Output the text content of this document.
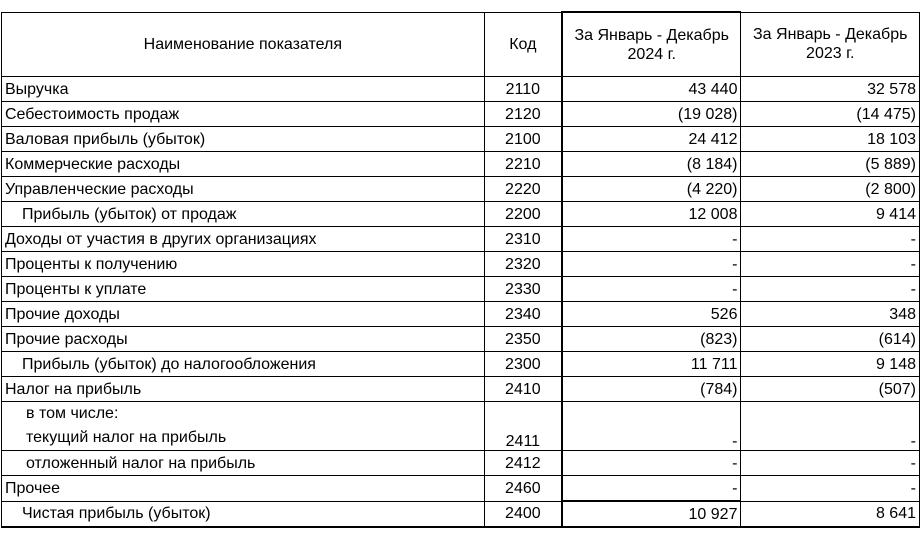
Наименование показателя	Код	За Январь - Декабрь 2024 г.	За Январь - Декабрь 2023 г.
Выручка	2110	43 440	32 578
Себестоимость продаж	2120	(19 028)	(14 475)
Валовая прибыль (убыток)	2100	24 412	18 103
Коммерческие расходы	2210	(8 184)	(5 889)
Управленческие расходы	2220	(4 220)	(2 800)
Прибыль (убыток) от продаж	2200	12 008	9 414
Доходы от участия в других организациях	2310	-	-
Проценты к получению	2320	-	-
Проценты к уплате	2330	-	-
Прочие доходы	2340	526	348
Прочие расходы	2350	(823)	(614)
Прибыль (убыток) до налогообложения	2300	11 711	9 148
Налог на прибыль	2410	(784)	(507)

в том числе:
текущий налог на прибыль	2411	-	-
отложенный налог на прибыль	2412	-	-
Прочее	2460	-	-
Чистая прибыль (убыток)	2400	10 927	8 641
